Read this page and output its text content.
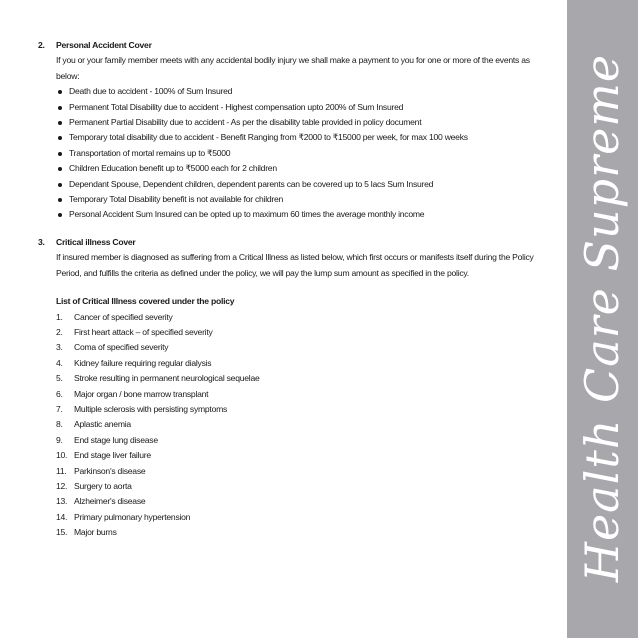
2. Personal Accident Cover

If you or your family member meets with any accidental bodily injury we shall make a payment to you for one or more of the events as below:

Death due to accident - 100% of Sum Insured
Permanent Total Disability due to accident - Highest compensation upto 200% of Sum Insured
Permanent Partial Disability due to accident - As per the disability table provided in policy document
Temporary total disability due to accident - Benefit Ranging from ₹2000 to ₹15000 per week, for max 100 weeks
Transportation of mortal remains up to ₹5000
Children Education benefit up to ₹5000 each for 2 children
Dependant Spouse, Dependent children, dependent parents can be covered up to 5 lacs Sum Insured
Temporary Total Disability benefit is not available for children
Personal Accident Sum Insured can be opted up to maximum 60 times the average monthly income
3. Critical illness Cover

If insured member is diagnosed as suffering from a Critical Illness as listed below, which first occurs or manifests itself during the Policy Period, and fulfills the criteria as defined under the policy, we will pay the lump sum amount as specified in the policy.

List of Critical Illness covered under the policy
1. Cancer of specified severity
2. First heart attack – of specified severity
3. Coma of specified severity
4. Kidney failure requiring regular dialysis
5. Stroke resulting in permanent neurological sequelae
6. Major organ / bone marrow transplant
7. Multiple sclerosis with persisting symptoms
8. Aplastic anemia
9. End stage lung disease
10. End stage liver failure
11. Parkinson's disease
12. Surgery to aorta
13. Alzheimer's disease
14. Primary pulmonary hypertension
15. Major burns	Health Care Supreme
